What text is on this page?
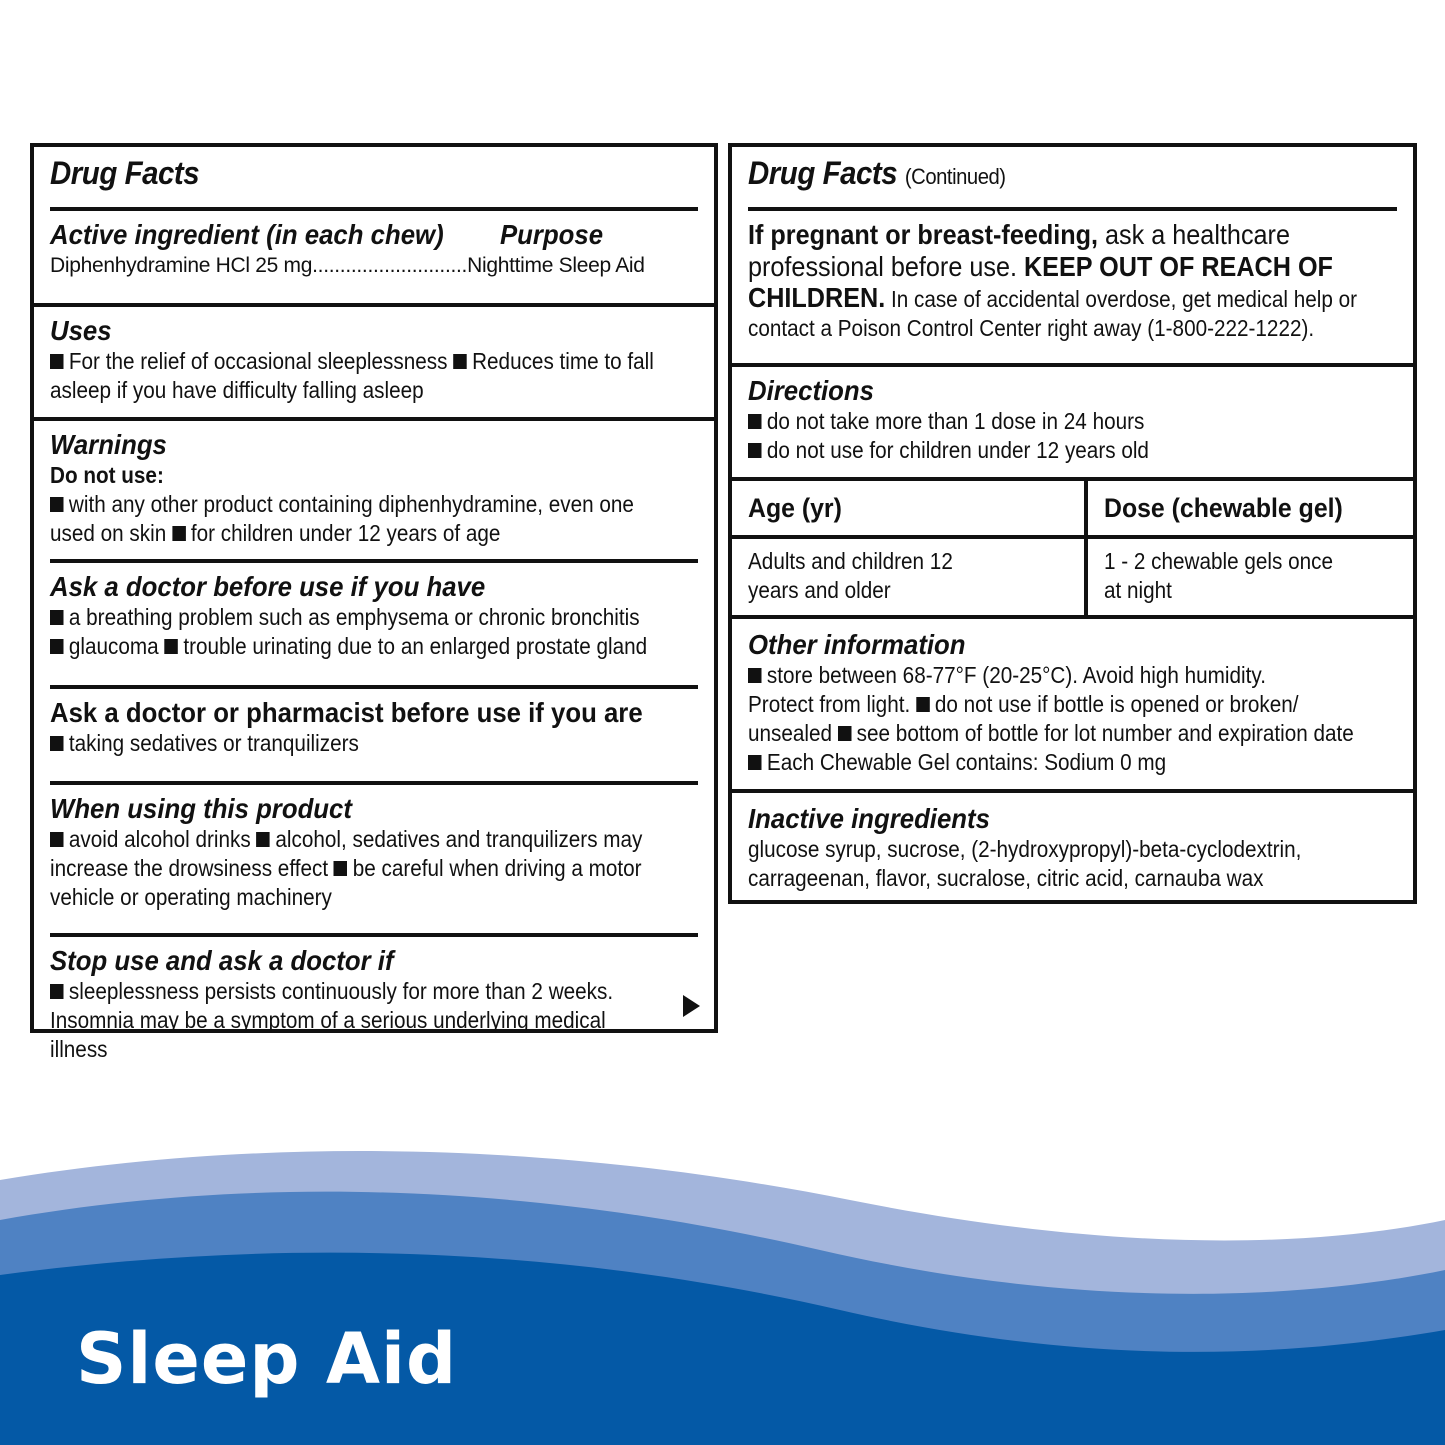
Drug Facts
Active ingredient (in each chew) Purpose
Diphenhydramine HCl 25 mg............................ Nighttime Sleep Aid
Uses
For the relief of occasional sleeplessness Reduces time to fall
asleep if you have difficulty falling asleep
Warnings
Do not use:
with any other product containing diphenhydramine, even one
used on skin for children under 12 years of age
Ask a doctor before use if you have
a breathing problem such as emphysema or chronic bronchitis
glaucoma trouble urinating due to an enlarged prostate gland
Ask a doctor or pharmacist before use if you are
taking sedatives or tranquilizers
When using this product
avoid alcohol drinks alcohol, sedatives and tranquilizers may
increase the drowsiness effect be careful when driving a motor
vehicle or operating machinery
Stop use and ask a doctor if
sleeplessness persists continuously for more than 2 weeks.
Insomnia may be a symptom of a serious underlying medical
illness
Drug Facts (Continued)
If pregnant or breast-feeding, ask a healthcare
professional before use. KEEP OUT OF REACH OF
CHILDREN. In case of accidental overdose, get medical help or
contact a Poison Control Center right away (1-800-222-1222).
Directions
do not take more than 1 dose in 24 hours
do not use for children under 12 years old
Age (yr)	Dose (chewable gel)
Adults and children 12
years and older
1 - 2 chewable gels once
at night
Other information
store between 68-77°F (20-25°C). Avoid high humidity.
Protect from light. do not use if bottle is opened or broken/
unsealed see bottom of bottle for lot number and expiration date
Each Chewable Gel contains: Sodium 0 mg
Inactive ingredients
glucose syrup, sucrose, (2-hydroxypropyl)-beta-cyclodextrin,
carrageenan, flavor, sucralose, citric acid, carnauba wax
Sleep Aid
